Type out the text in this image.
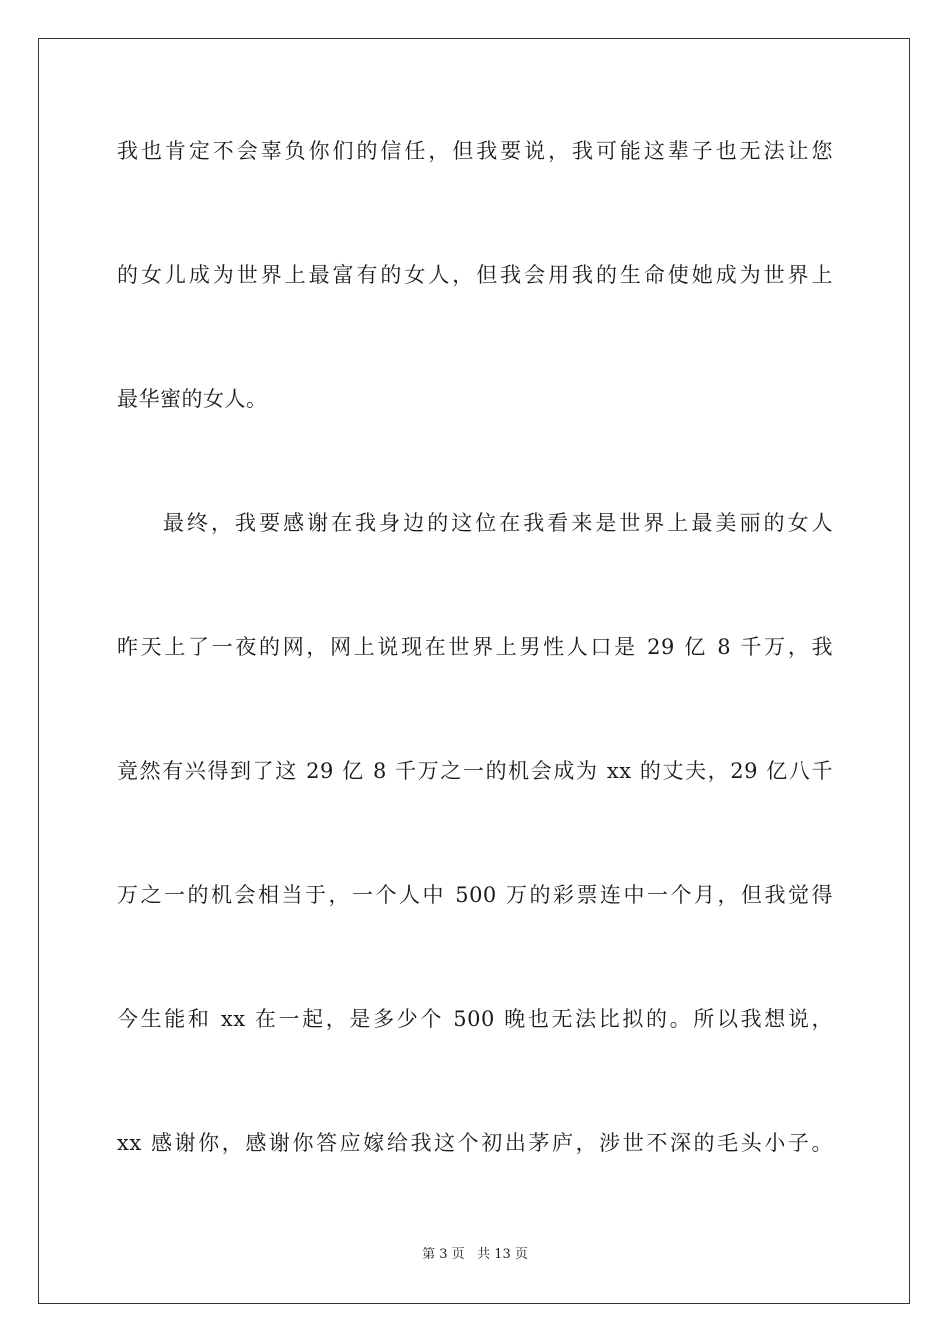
我也肯定不会辜负你们的信任，但我要说，我可能这辈子也无法让您
的女儿成为世界上最富有的女人，但我会用我的生命使她成为世界上
最华蜜的女人。
最终，我要感谢在我身边的这位在我看来是世界上最美丽的女人
昨天上了一夜的网，网上说现在世界上男性人口是 29 亿 8 千万，我
竟然有兴得到了这 29 亿 8 千万之一的机会成为 xx 的丈夫，29 亿八千
万之一的机会相当于，一个人中 500 万的彩票连中一个月，但我觉得
今生能和 xx 在一起，是多少个 500 晚也无法比拟的。所以我想说，
xx 感谢你，感谢你答应嫁给我这个初出茅庐，涉世不深的毛头小子。
第 3 页 共 13 页
